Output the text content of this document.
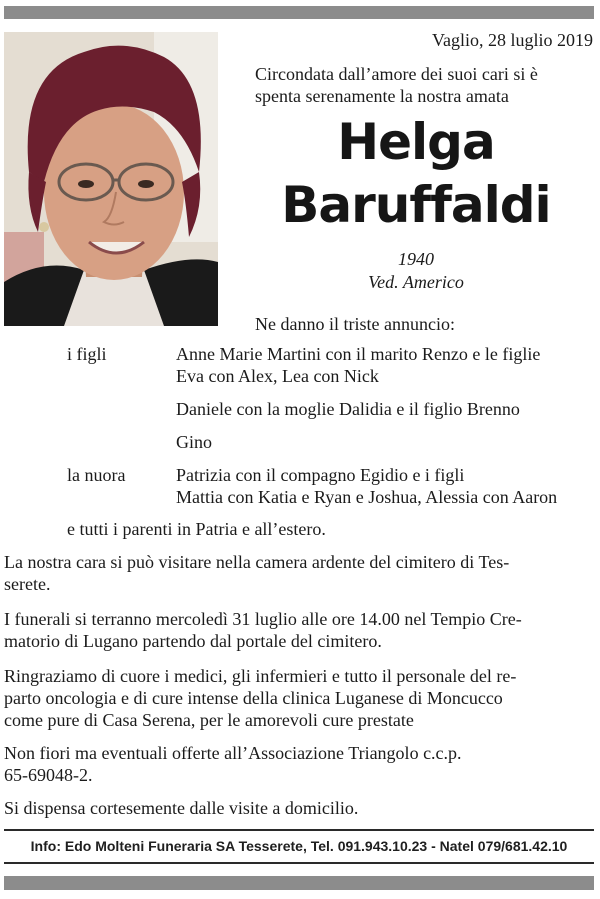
Vaglio, 28 luglio 2019
Circondata dall’amore dei suoi cari si è
spenta serenamente la nostra amata
Helga
Baruffaldi
1940
Ved. Americo
Ne danno il triste annuncio:
i figli	Anne Marie Martini con il marito Renzo e le figlie
Eva con Alex, Lea con Nick
Daniele con la moglie Dalidia e il figlio Brenno
Gino
la nuora	Patrizia con il compagno Egidio e i figli
Mattia con Katia e Ryan e Joshua, Alessia con Aaron
e tutti i parenti in Patria e all’estero.
La nostra cara si può visitare nella camera ardente del cimitero di Tes-
serete.
I funerali si terranno mercoledì 31 luglio alle ore 14.00 nel Tempio Cre-
matorio di Lugano partendo dal portale del cimitero.
Ringraziamo di cuore i medici, gli infermieri e tutto il personale del re-
parto oncologia e di cure intense della clinica Luganese di Moncucco
come pure di Casa Serena, per le amorevoli cure prestate
Non fiori ma eventuali offerte all’Associazione Triangolo c.c.p.
65-69048-2.
Si dispensa cortesemente dalle visite a domicilio.
Info: Edo Molteni Funeraria SA Tesserete, Tel. 091.943.10.23 - Natel 079/681.42.10
